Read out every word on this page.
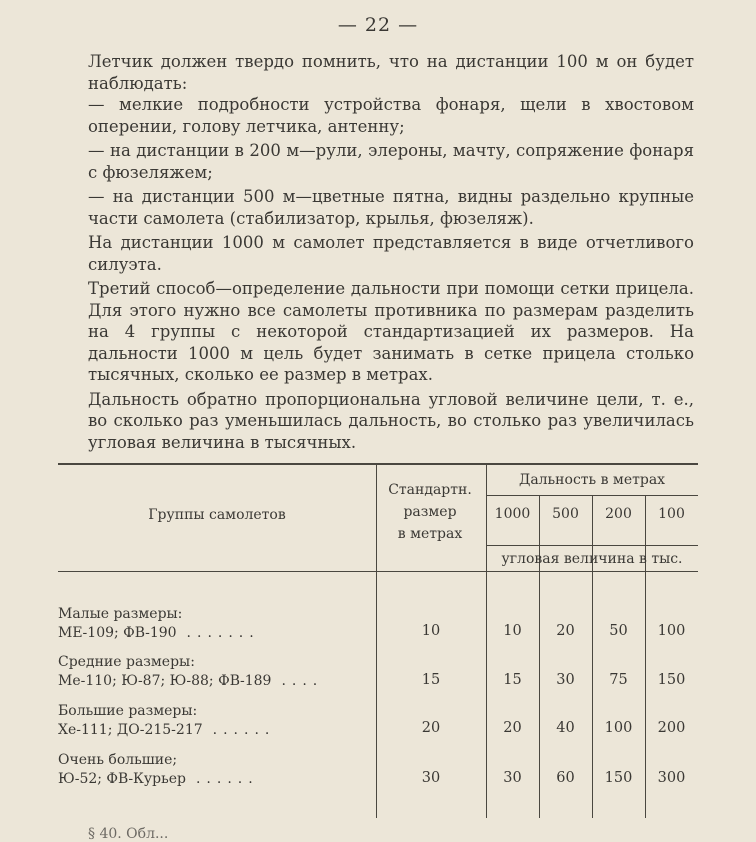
— 22 —

Летчик должен твердо помнить, что на дистанции 100 м он будет наблюдать:

— мелкие подробности устройства фонаря, щели в хвостовом оперении, голову летчика, антенну;

— на дистанции в 200 м—рули, элероны, мачту, сопряжение фонаря с фюзеляжем;

— на дистанции 500 м—цветные пятна, видны раздельно крупные части самолета (стабилизатор, крылья, фюзеляж).

На дистанции 1000 м самолет представляется в виде отчетливого силуэта.

Третий способ—определение дальности при помощи сетки прицела. Для этого нужно все самолеты противника по размерам разделить на 4 группы с некоторой стандартизацией их размеров. На дальности 1000 м цель будет занимать в сетке прицела столько тысячных, сколько ее размер в метрах.

Дальность обратно пропорциональна угловой величине цели, т. е., во сколько раз уменьшилась дальность, во столько раз увеличилась угловая величина в тысячных.

Группы самолетов
Стандартн.
размер
в метрах
Дальность в метрах
1000	500	200	100
угловая величина в тыс.
Малые размеры:
МЕ-109; ФВ-190 .......	10	10	20	50	100
Средние размеры:
Ме-110; Ю-87; Ю-88; ФВ-189 ....	15	15	30	75	150
Большие размеры:
Хе-111; ДО-215-217 ......	20	20	40	100	200
Очень большие;
Ю-52; ФВ-Курьер ......	30	30	60	150	300
§ 40. Обл...
